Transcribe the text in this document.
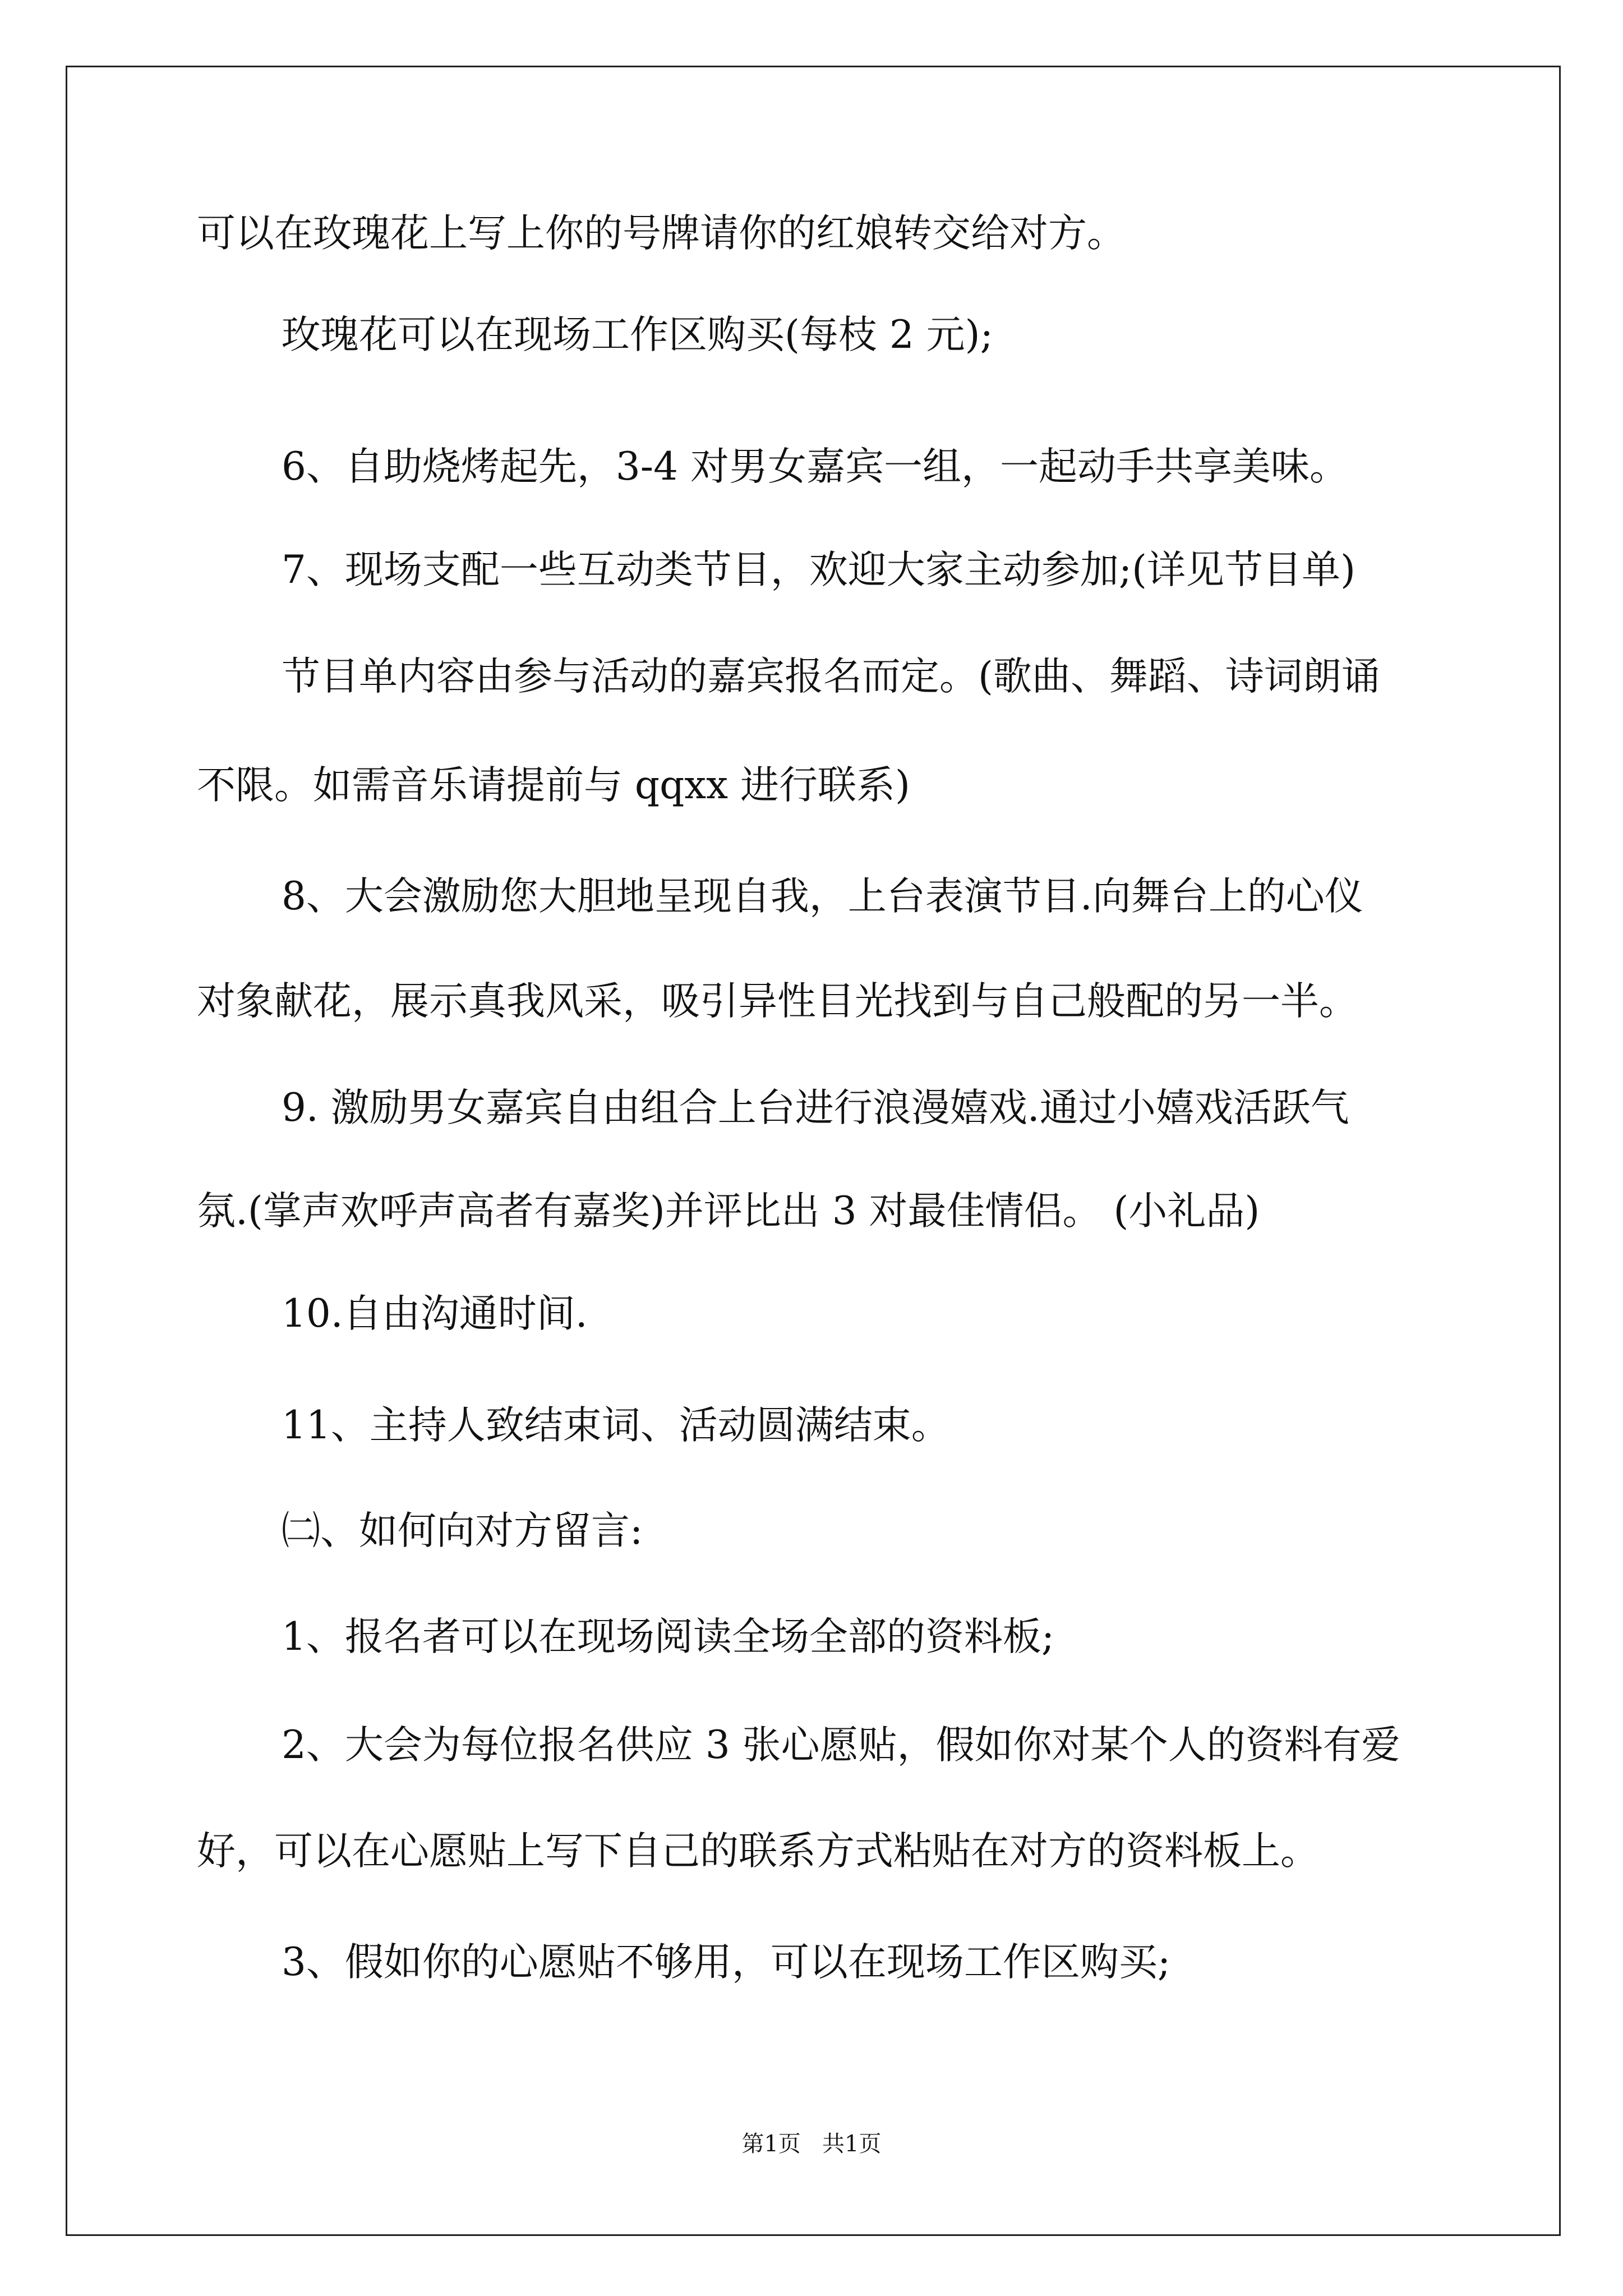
可以在玫瑰花上写上你的号牌请你的红娘转交给对方。

玫瑰花可以在现场工作区购买(每枝 2 元);

6、自助烧烤起先，3-4 对男女嘉宾一组，一起动手共享美味。

7、现场支配一些互动类节目，欢迎大家主动参加;(详见节目单)

节目单内容由参与活动的嘉宾报名而定。(歌曲、舞蹈、诗词朗诵

不限。如需音乐请提前与 qqxx 进行联系)

8、大会激励您大胆地呈现自我，上台表演节目.向舞台上的心仪

对象献花，展示真我风采，吸引异性目光找到与自己般配的另一半。

9. 激励男女嘉宾自由组合上台进行浪漫嬉戏.通过小嬉戏活跃气

氛.(掌声欢呼声高者有嘉奖)并评比出 3 对最佳情侣。 (小礼品)

10.自由沟通时间.

11、主持人致结束词、活动圆满结束。

㈡、如何向对方留言:

1、报名者可以在现场阅读全场全部的资料板;

2、大会为每位报名供应 3 张心愿贴，假如你对某个人的资料有爱

好，可以在心愿贴上写下自己的联系方式粘贴在对方的资料板上。

3、假如你的心愿贴不够用，可以在现场工作区购买;

第1页   共1页
